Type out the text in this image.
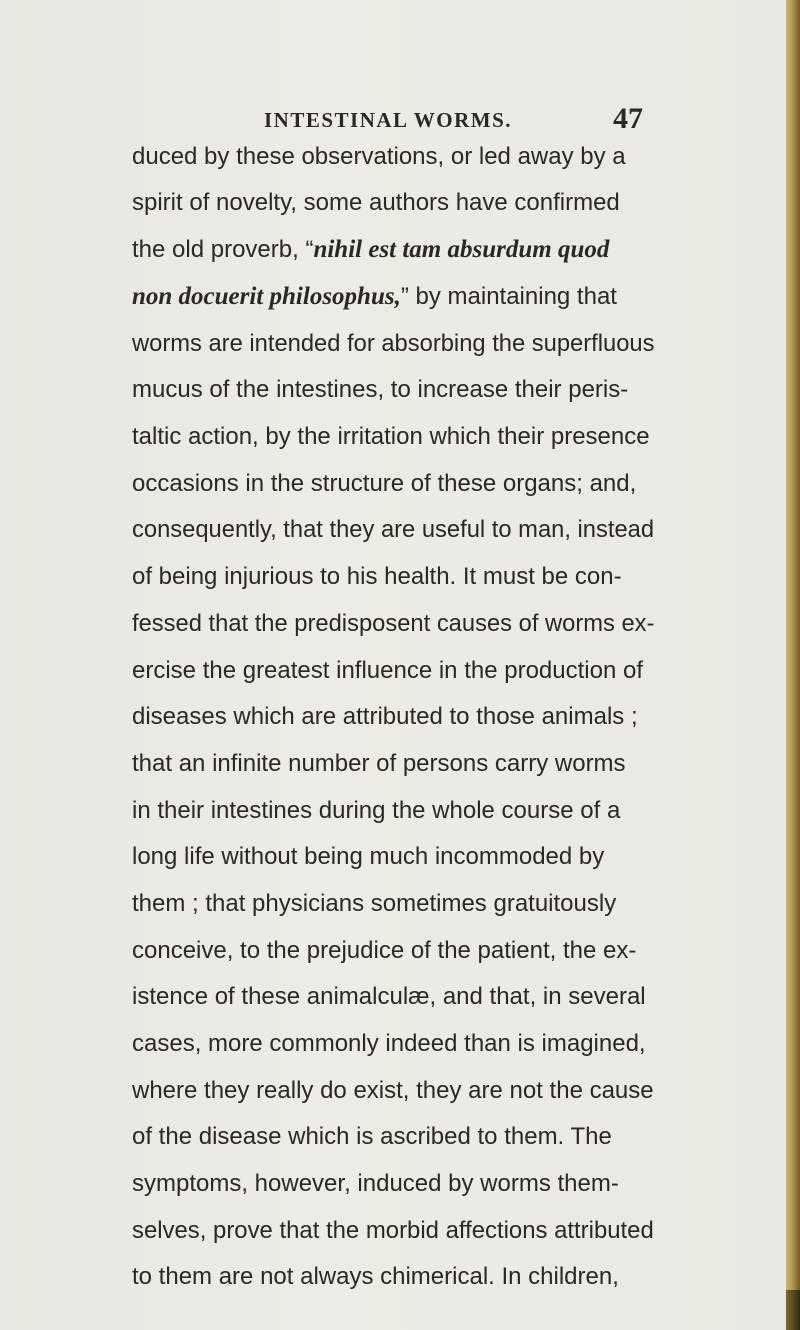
INTESTINAL WORMS.	47
duced by these observations, or led away by a
spirit of novelty, some authors have confirmed
the old proverb, “nihil est tam absurdum quod
non docuerit philosophus,” by maintaining that
worms are intended for absorbing the superfluous
mucus of the intestines, to increase their peris-
taltic action, by the irritation which their presence
occasions in the structure of these organs; and,
consequently, that they are useful to man, instead
of being injurious to his health. It must be con-
fessed that the predisposent causes of worms ex-
ercise the greatest influence in the production of
diseases which are attributed to those animals ;
that an infinite number of persons carry worms
in their intestines during the whole course of a
long life without being much incommoded by
them ; that physicians sometimes gratuitously
conceive, to the prejudice of the patient, the ex-
istence of these animalculæ, and that, in several
cases, more commonly indeed than is imagined,
where they really do exist, they are not the cause
of the disease which is ascribed to them. The
symptoms, however, induced by worms them-
selves, prove that the morbid affections attributed
to them are not always chimerical. In children,
